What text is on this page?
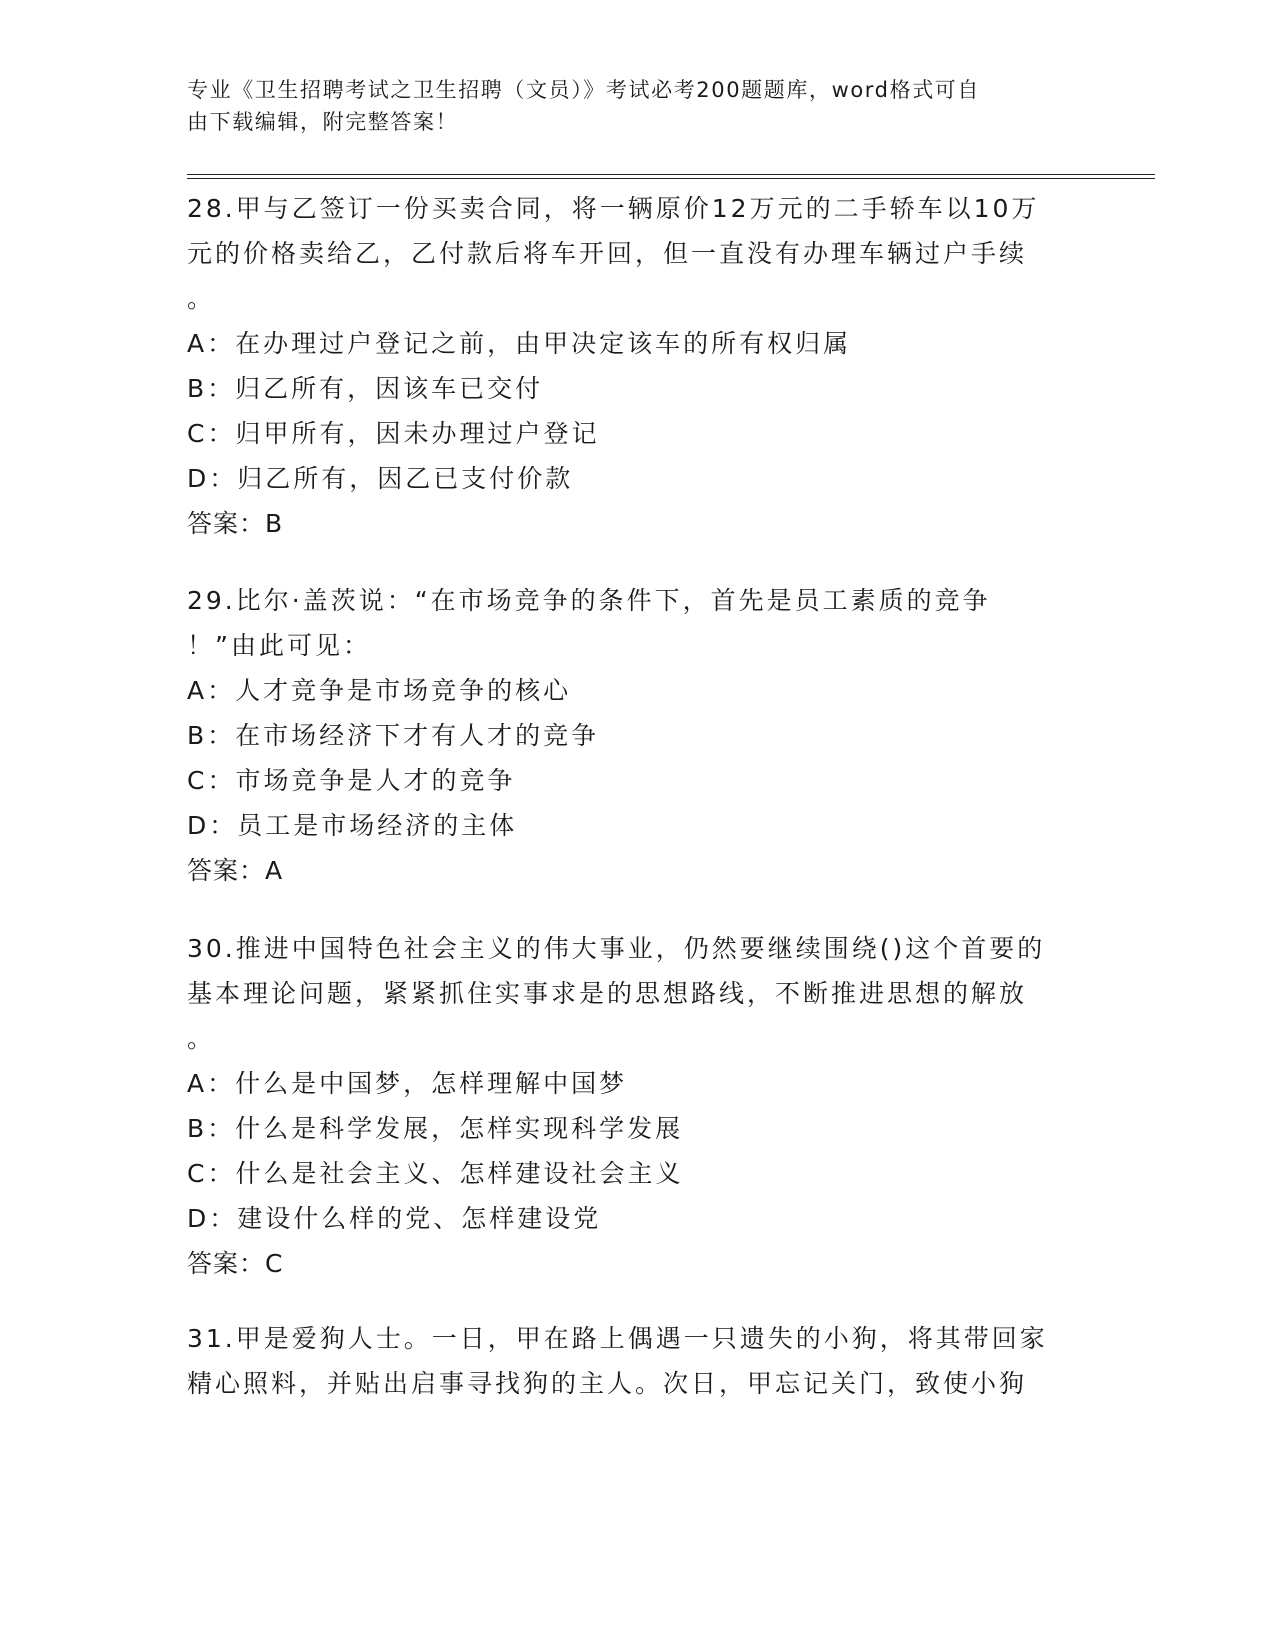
专业《卫生招聘考试之卫生招聘（文员）》考试必考200题题库，word格式可自
由下载编辑，附完整答案！
28.甲与乙签订一份买卖合同，将一辆原价12万元的二手轿车以10万
元的价格卖给乙，乙付款后将车开回，但一直没有办理车辆过户手续
。
A：在办理过户登记之前，由甲决定该车的所有权归属
B：归乙所有，因该车已交付
C：归甲所有，因未办理过户登记
D：归乙所有，因乙已支付价款
答案：B
29.比尔·盖茨说：“在市场竞争的条件下，首先是员工素质的竞争
！”由此可见：
A：人才竞争是市场竞争的核心
B：在市场经济下才有人才的竞争
C：市场竞争是人才的竞争
D：员工是市场经济的主体
答案：A
30.推进中国特色社会主义的伟大事业，仍然要继续围绕()这个首要的
基本理论问题，紧紧抓住实事求是的思想路线，不断推进思想的解放
。
A：什么是中国梦，怎样理解中国梦
B：什么是科学发展，怎样实现科学发展
C：什么是社会主义、怎样建设社会主义
D：建设什么样的党、怎样建设党
答案：C
31.甲是爱狗人士。一日，甲在路上偶遇一只遗失的小狗，将其带回家
精心照料，并贴出启事寻找狗的主人。次日，甲忘记关门，致使小狗
